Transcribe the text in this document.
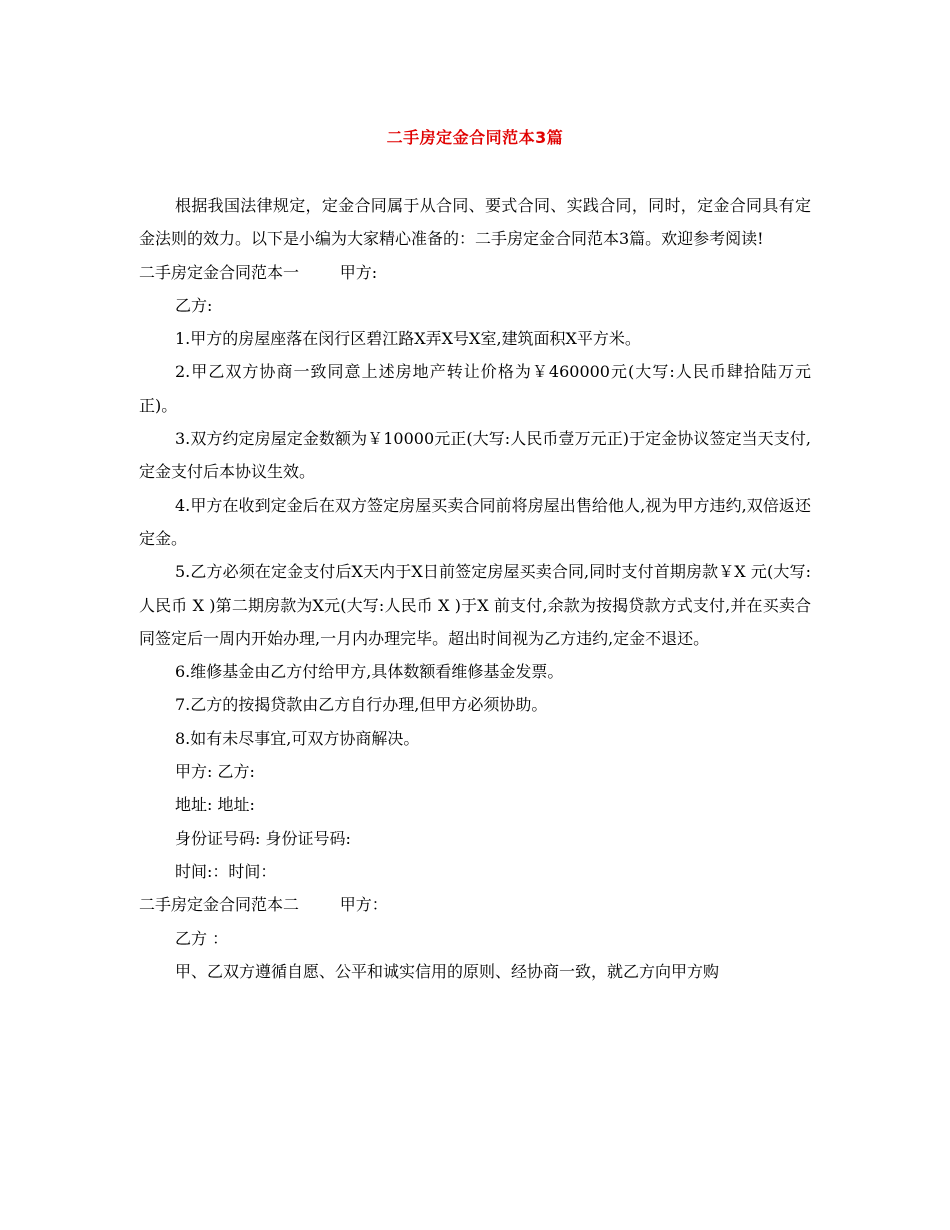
二手房定金合同范本3篇

根据我国法律规定，定金合同属于从合同、要式合同、实践合同，同时，定金合同具有定金法则的效力。以下是小编为大家精心准备的：二手房定金合同范本3篇。欢迎参考阅读!

二手房定金合同范本一        甲方:

乙方:

1.甲方的房屋座落在闵行区碧江路X弄X号X室,建筑面积X平方米。

2.甲乙双方协商一致同意上述房地产转让价格为￥460000元(大写:人民币肆拾陆万元正)。

3.双方约定房屋定金数额为￥10000元正(大写:人民币壹万元正)于定金协议签定当天支付,定金支付后本协议生效。

4.甲方在收到定金后在双方签定房屋买卖合同前将房屋出售给他人,视为甲方违约,双倍返还定金。

5.乙方必须在定金支付后X天内于X日前签定房屋买卖合同,同时支付首期房款￥X 元(大写:人民币 X )第二期房款为X元(大写:人民币 X )于X 前支付,余款为按揭贷款方式支付,并在买卖合同签定后一周内开始办理,一月内办理完毕。超出时间视为乙方违约,定金不退还。

6.维修基金由乙方付给甲方,具体数额看维修基金发票。

7.乙方的按揭贷款由乙方自行办理,但甲方必须协助。

8.如有未尽事宜,可双方协商解决。

甲方: 乙方:

地址: 地址:

身份证号码: 身份证号码:

时间:：时间：

二手房定金合同范本二        甲方：

乙方 ：

甲、乙双方遵循自愿、公平和诚实信用的原则、经协商一致，就乙方向甲方购
